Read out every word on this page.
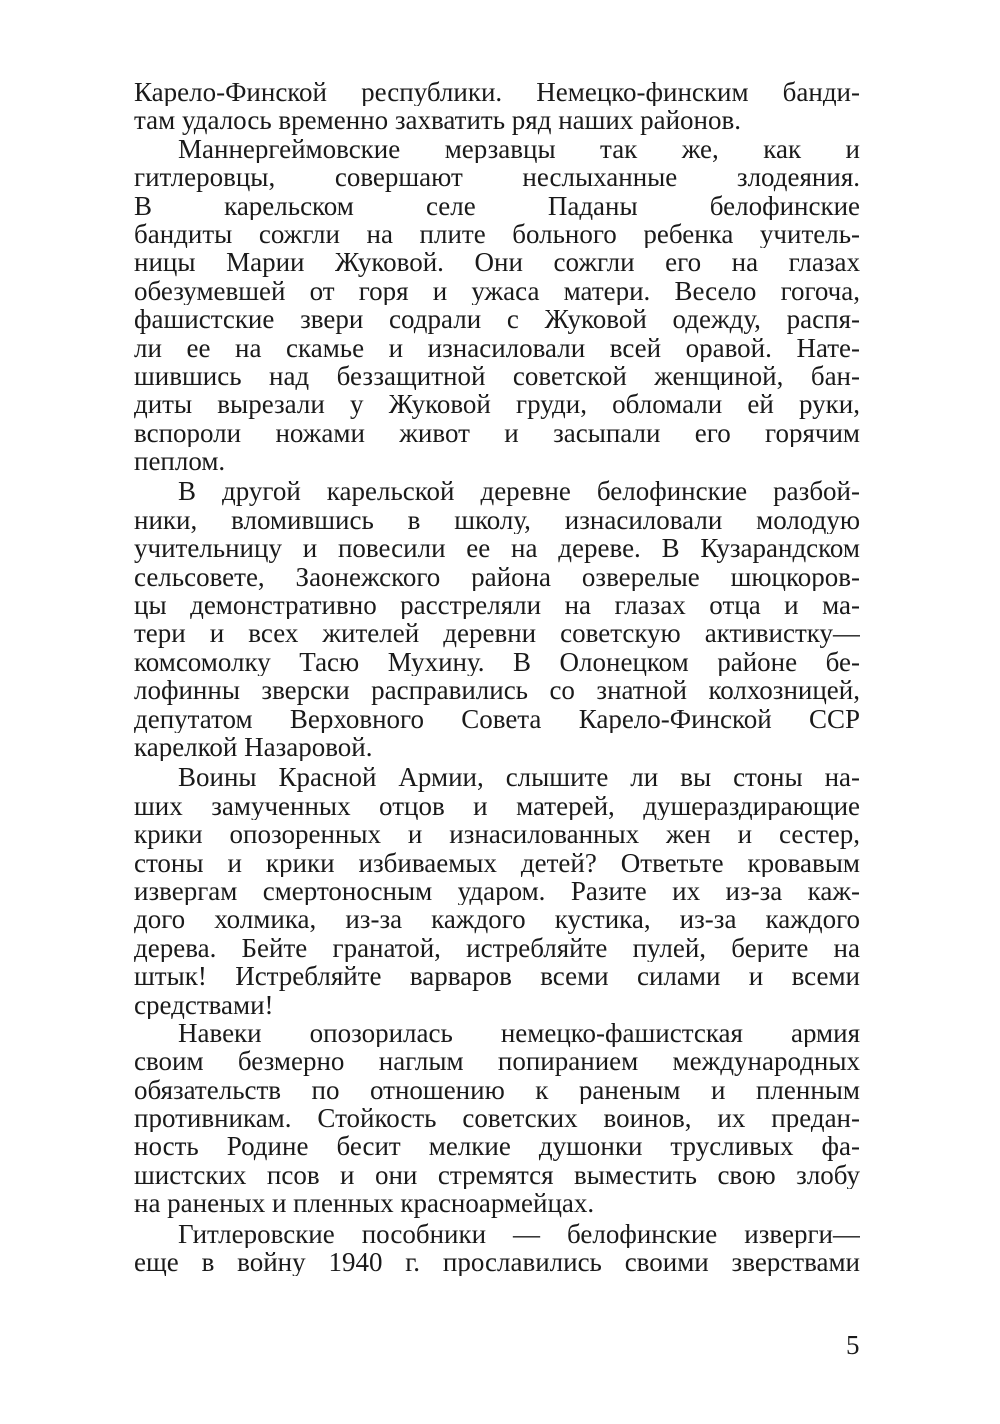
Карело-Финской республики. Немецко-финским банди-
там удалось временно захватить ряд наших районов.
Маннергеймовские мерзавцы так же, как и
гитлеровцы, совершают неслыханные злодеяния.
В карельском селе Паданы белофинские
бандиты сожгли на плите больного ребенка учитель-
ницы Марии Жуковой. Они сожгли его на глазах
обезумевшей от горя и ужаса матери. Весело гогоча,
фашистские звери содрали с Жуковой одежду, распя-
ли ее на скамье и изнасиловали всей оравой. Нате-
шившись над беззащитной советской женщиной, бан-
диты вырезали у Жуковой груди, обломали ей руки,
вспороли ножами живот и засыпали его горячим
пеплом.
В другой карельской деревне белофинские разбой-
ники, вломившись в школу, изнасиловали молодую
учительницу и повесили ее на дереве. В Кузарандском
сельсовете, Заонежского района озверелые шюцкоров-
цы демонстративно расстреляли на глазах отца и ма-
тери и всех жителей деревни советскую активистку—
комсомолку Тасю Мухину. В Олонецком районе бе-
лофинны зверски расправились со знатной колхозницей,
депутатом Верховного Совета Карело-Финской ССР
карелкой Назаровой.
Воины Красной Армии, слышите ли вы стоны на-
ших замученных отцов и матерей, душераздирающие
крики опозоренных и изнасилованных жен и сестер,
стоны и крики избиваемых детей? Ответьте кровавым
извергам смертоносным ударом. Разите их из-за каж-
дого холмика, из-за каждого кустика, из-за каждого
дерева. Бейте гранатой, истребляйте пулей, берите на
штык! Истребляйте варваров всеми силами и всеми
средствами!
Навеки опозорилась немецко-фашистская армия
своим безмерно наглым попиранием международных
обязательств по отношению к раненым и пленным
противникам. Стойкость советских воинов, их предан-
ность Родине бесит мелкие душонки трусливых фа-
шистских псов и они стремятся выместить свою злобу
на раненых и пленных красноармейцах.
Гитлеровские пособники — белофинские изверги—
еще в войну 1940 г. прославились своими зверствами
5
